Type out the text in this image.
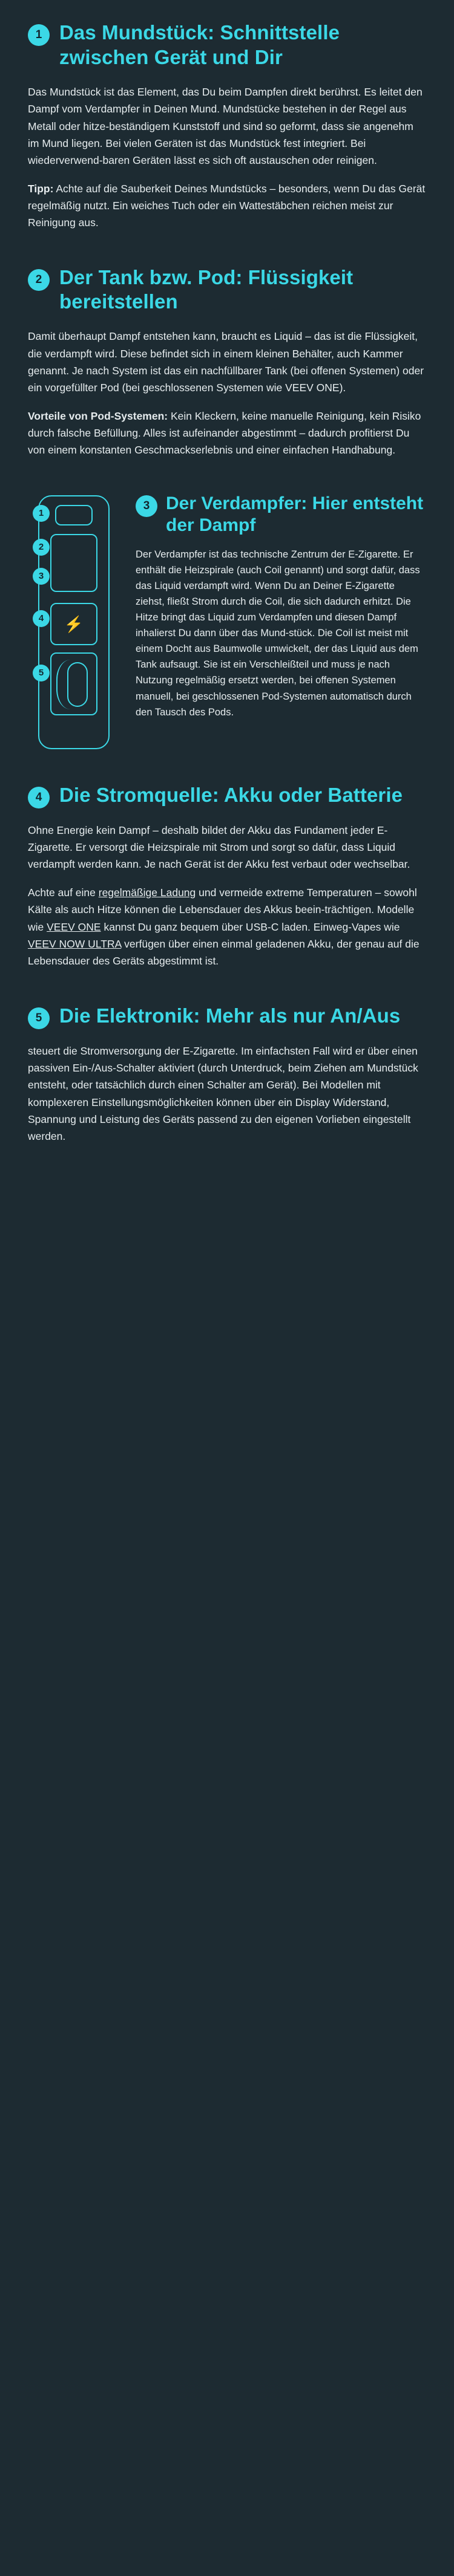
1 Das Mundstück: Schnittstelle zwischen Gerät und Dir

Das Mundstück ist das Element, das Du beim Dampfen direkt berührst. Es leitet den Dampf vom Verdampfer in Deinen Mund. Mundstücke bestehen in der Regel aus Metall oder hitze-beständigem Kunststoff und sind so geformt, dass sie angenehm im Mund liegen. Bei vielen Geräten ist das Mundstück fest integriert. Bei wiederverwend-baren Geräten lässt es sich oft austauschen oder reinigen.

Tipp: Achte auf die Sauberkeit Deines Mundstücks – besonders, wenn Du das Gerät regelmäßig nutzt. Ein weiches Tuch oder ein Wattestäbchen reichen meist zur Reinigung aus.

2 Der Tank bzw. Pod: Flüssigkeit bereitstellen

Damit überhaupt Dampf entstehen kann, braucht es Liquid – das ist die Flüssigkeit, die verdampft wird. Diese befindet sich in einem kleinen Behälter, auch Kammer genannt. Je nach System ist das ein nachfüllbarer Tank (bei offenen Systemen) oder ein vorgefüllter Pod (bei geschlossenen Systemen wie VEEV ONE).

Vorteile von Pod-Systemen: Kein Kleckern, keine manuelle Reinigung, kein Risiko durch falsche Befüllung. Alles ist aufeinander abgestimmt – dadurch profitierst Du von einem konstanten Geschmackserlebnis und einer einfachen Handhabung.

⚡
1
2
3
4
5
3 Der Verdampfer: Hier entsteht der Dampf

Der Verdampfer ist das technische Zentrum der E-Zigarette. Er enthält die Heizspirale (auch Coil genannt) und sorgt dafür, dass das Liquid verdampft wird. Wenn Du an Deiner E-Zigarette ziehst, fließt Strom durch die Coil, die sich dadurch erhitzt. Die Hitze bringt das Liquid zum Verdampfen und diesen Dampf inhalierst Du dann über das Mund-stück. Die Coil ist meist mit einem Docht aus Baumwolle umwickelt, der das Liquid aus dem Tank aufsaugt. Sie ist ein Verschleißteil und muss je nach Nutzung regelmäßig ersetzt werden, bei offenen Systemen manuell, bei geschlossenen Pod-Systemen automatisch durch den Tausch des Pods.

4 Die Stromquelle: Akku oder Batterie

Ohne Energie kein Dampf – deshalb bildet der Akku das Fundament jeder E-Zigarette. Er versorgt die Heizspirale mit Strom und sorgt so dafür, dass Liquid verdampft werden kann. Je nach Gerät ist der Akku fest verbaut oder wechselbar.

Achte auf eine regelmäßige Ladung und vermeide extreme Temperaturen – sowohl Kälte als auch Hitze können die Lebensdauer des Akkus beein-trächtigen. Modelle wie VEEV ONE kannst Du ganz bequem über USB-C laden. Einweg-Vapes wie VEEV NOW ULTRA verfügen über einen einmal geladenen Akku, der genau auf die Lebensdauer des Geräts abgestimmt ist.

5 Die Elektronik: Mehr als nur An/Aus

steuert die Stromversorgung der E-Zigarette. Im einfachsten Fall wird er über einen passiven Ein-/Aus-Schalter aktiviert (durch Unterdruck, beim Ziehen am Mundstück entsteht, oder tatsächlich durch einen Schalter am Gerät). Bei Modellen mit komplexeren Einstellungsmöglichkeiten können über ein Display Widerstand, Spannung und Leistung des Geräts passend zu den eigenen Vorlieben eingestellt werden.
